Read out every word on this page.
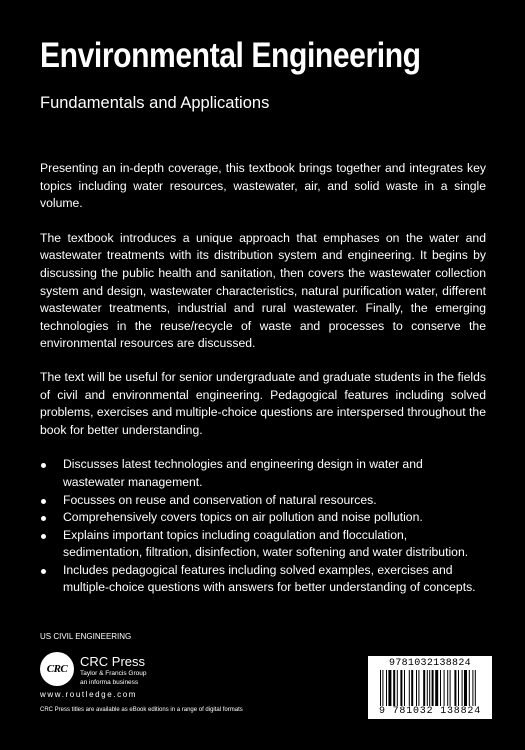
Environmental Engineering
Fundamentals and Applications

Presenting an in-depth coverage, this textbook brings together and integrates key topics including water resources, wastewater, air, and solid waste in a single volume.

The textbook introduces a unique approach that emphases on the water and wastewater treatments with its distribution system and engineering. It begins by discussing the public health and sanitation, then covers the wastewater collection system and design, wastewater characteristics, natural purification water, different wastewater treatments, industrial and rural wastewater. Finally, the emerging technologies in the reuse/recycle of waste and processes to conserve the environmental resources are discussed.

The text will be useful for senior undergraduate and graduate students in the fields of civil and environmental engineering. Pedagogical features including solved problems, exercises and multiple-choice questions are interspersed throughout the book for better understanding.

Discusses latest technologies and engineering design in water and wastewater management.
Focusses on reuse and conservation of natural resources.
Comprehensively covers topics on air pollution and noise pollution.
Explains important topics including coagulation and flocculation, sedimentation, filtration, disinfection, water softening and water distribution.
Includes pedagogical features including solved examples, exercises and multiple-choice questions with answers for better understanding of concepts.
US CIVIL ENGINEERING
CRC CRC Press
Taylor & Francis Group
an informa business
www.routledge.com
CRC Press titles are available as eBook editions in a range of digital formats
9781032138824
9 781032 138824
